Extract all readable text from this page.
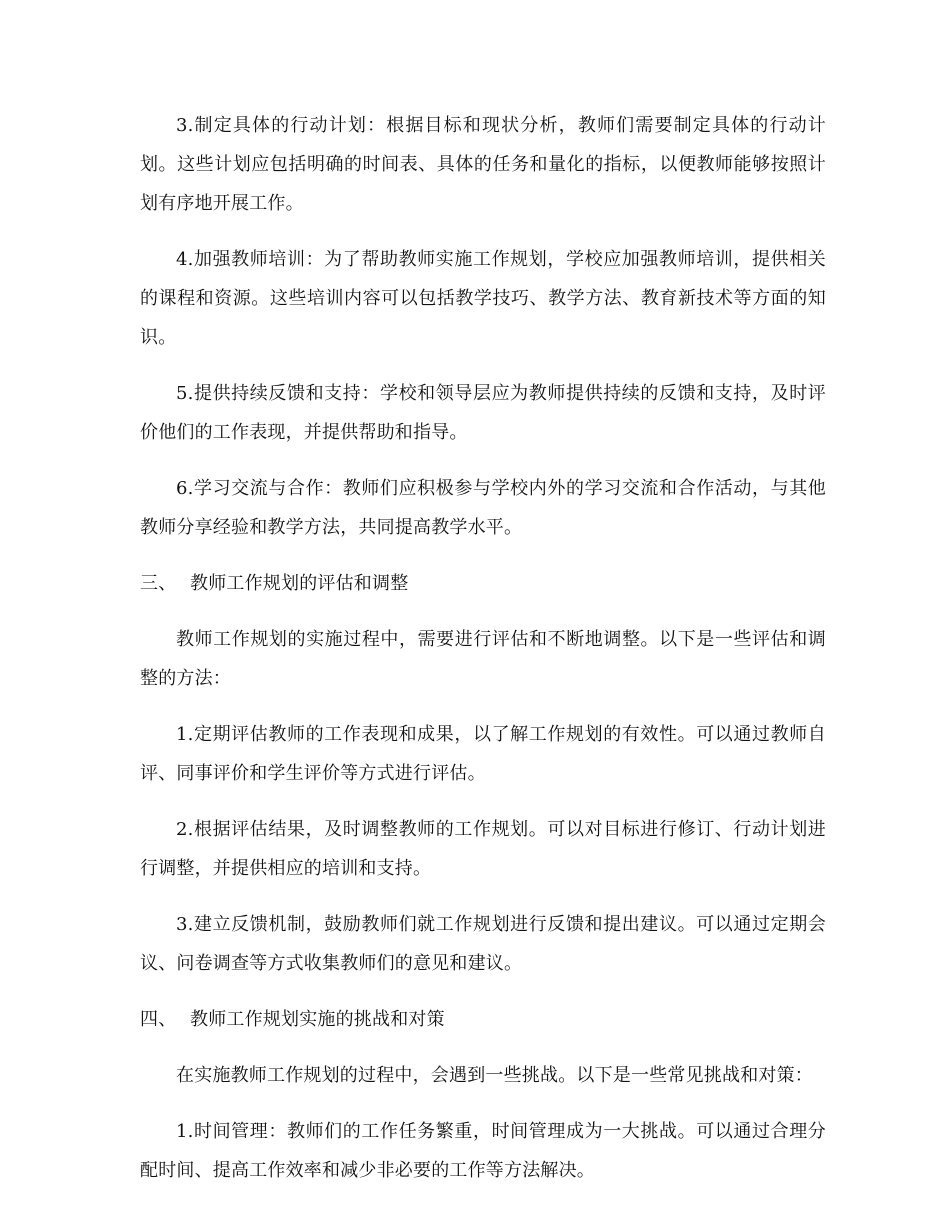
3.制定具体的行动计划：根据目标和现状分析，教师们需要制定具体的行动计划。这些计划应包括明确的时间表、具体的任务和量化的指标，以便教师能够按照计划有序地开展工作。

4.加强教师培训：为了帮助教师实施工作规划，学校应加强教师培训，提供相关的课程和资源。这些培训内容可以包括教学技巧、教学方法、教育新技术等方面的知识。

5.提供持续反馈和支持：学校和领导层应为教师提供持续的反馈和支持，及时评价他们的工作表现，并提供帮助和指导。

6.学习交流与合作：教师们应积极参与学校内外的学习交流和合作活动，与其他教师分享经验和教学方法，共同提高教学水平。

三、 教师工作规划的评估和调整

教师工作规划的实施过程中，需要进行评估和不断地调整。以下是一些评估和调整的方法：

1.定期评估教师的工作表现和成果，以了解工作规划的有效性。可以通过教师自评、同事评价和学生评价等方式进行评估。

2.根据评估结果，及时调整教师的工作规划。可以对目标进行修订、行动计划进行调整，并提供相应的培训和支持。

3.建立反馈机制，鼓励教师们就工作规划进行反馈和提出建议。可以通过定期会议、问卷调查等方式收集教师们的意见和建议。

四、 教师工作规划实施的挑战和对策

在实施教师工作规划的过程中，会遇到一些挑战。以下是一些常见挑战和对策：

1.时间管理：教师们的工作任务繁重，时间管理成为一大挑战。可以通过合理分配时间、提高工作效率和减少非必要的工作等方法解决。
